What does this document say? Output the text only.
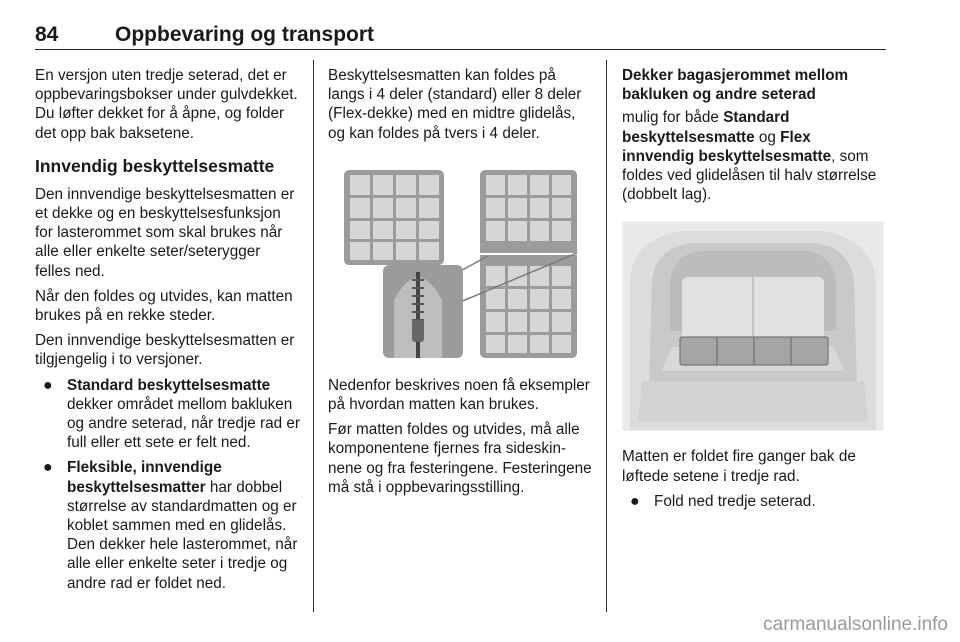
84	Oppbevaring og transport

En versjon uten tredje seterad, det er oppbevaringsbokser under gulvdekket. Du løfter dekket for å åpne, og folder det opp bak baksetene.

Innvendig beskyttelsesmatte

Den innvendige beskyttelsesmatten er et dekke og en beskyttelsesfunksjon for lasterommet som skal brukes når alle eller enkelte seter/seterygger felles ned.

Når den foldes og utvides, kan matten brukes på en rekke steder.

Den innvendige beskyttelsesmatten er tilgjengelig i to versjoner.

● Standard beskyttelsesmatte dekker området mellom bakluken og andre seterad, når tredje rad er full eller ett sete er felt ned.
● Fleksible, innvendige beskyttelsesmatter har dobbel størrelse av standardmatten og er koblet sammen med en glidelås. Den dekker hele lasterommet, når alle eller enkelte seter i tredje og andre rad er foldet ned.

Beskyttelsesmatten kan foldes på langs i 4 deler (standard) eller 8 deler (Flex-dekke) med en midtre glidelås, og kan foldes på tvers i 4 deler.

Nedenfor beskrives noen få eksempler på hvordan matten kan brukes.

Før matten foldes og utvides, må alle komponentene fjernes fra sideskinnene og fra festeringene. Festeringene må stå i oppbevaringsstilling.

Dekker bagasjerommet mellom bakluken og andre seterad

mulig for både Standard beskyttelsesmatte og Flex innvendig beskyttelsesmatte, som foldes ved glidelåsen til halv størrelse (dobbelt lag).

Matten er foldet fire ganger bak de løftede setene i tredje rad.

● Fold ned tredje seterad.
carmanualsonline.info
